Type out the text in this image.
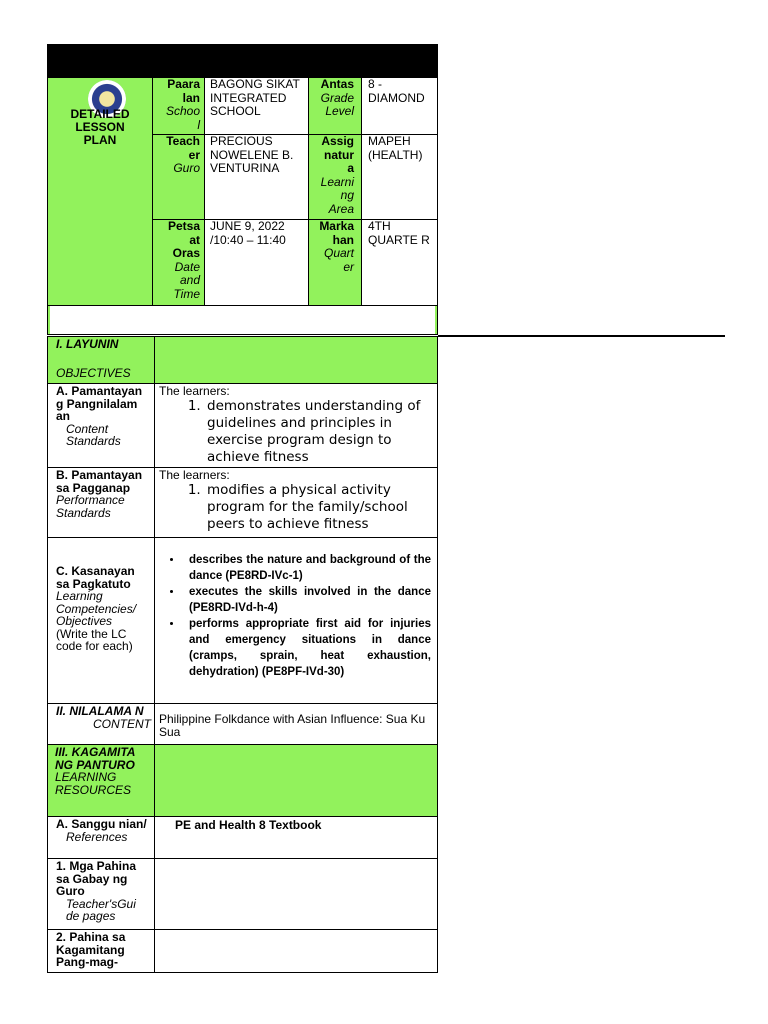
DETAILED
LESSON
PLAN
Paara lan
Schoo l
BAGONG SIKAT INTEGRATED SCHOOL
Antas
Grade Level
8 - DIAMOND
Teach er
Guro
PRECIOUS NOWELENE B. VENTURINA
Assig natur a
Learni ng Area
MAPEH (HEALTH)
Petsa at Oras
Date and Time
JUNE 9, 2022 /10:40 – 11:40
Marka han
Quart er
4TH QUARTE R
I. LAYUNIN
OBJECTIVES
A. Pamantayan g Pangnilalam an
Content Standards
The learners:
1. demonstrates understanding of guidelines and principles in exercise program design to achieve fitness
B. Pamantayan sa Pagganap
Performance Standards
The learners:
1. modifies a physical activity program for the family/school peers to achieve fitness
C. Kasanayan sa Pagkatuto
Learning Competencies/ Objectives
(Write the LC code for each)
• describes the nature and background of the dance (PE8RD-IVc-1)
• executes the skills involved in the dance (PE8RD-IVd-h-4)
• performs appropriate first aid for injuries and emergency situations in dance (cramps, sprain, heat exhaustion, dehydration) (PE8PF-IVd-30)
II. NILALAMA N
CONTENT Philippine Folkdance with Asian Influence: Sua Ku Sua
III. KAGAMITA NG PANTURO
LEARNING RESOURCES
A. Sanggu nian/
References
PE and Health 8 Textbook
1. Mga Pahina sa Gabay ng Guro
Teacher'sGui de pages
2. Pahina sa Kagamitang Pang-mag-
